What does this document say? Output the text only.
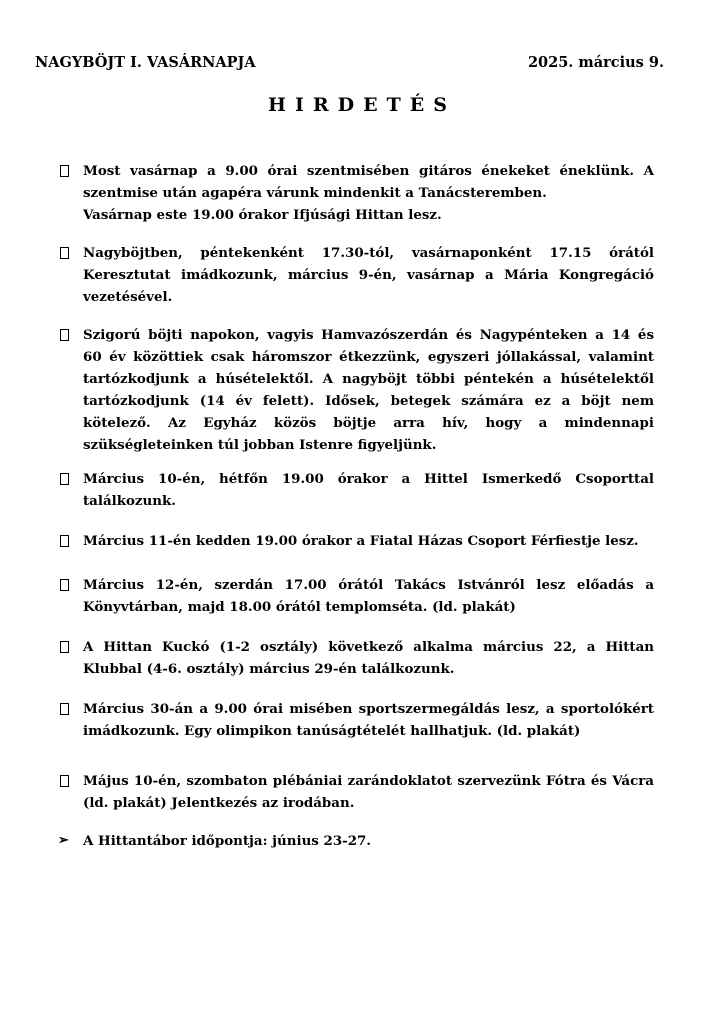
NAGYBÖJT I. VASÁRNAPJA	2025. március 9.
HIRDETÉS
Most vasárnap a 9.00 órai szentmisében gitáros énekeket éneklünk. A
szentmise után agapéra várunk mindenkit a Tanácsteremben.
Vasárnap este 19.00 órakor Ifjúsági Hittan lesz.
Nagyböjtben, péntekenként 17.30-tól, vasárnaponként 17.15 órától
Keresztutat imádkozunk, március 9-én, vasárnap a Mária Kongregáció
vezetésével.
Szigorú böjti napokon, vagyis Hamvazószerdán és Nagypénteken a 14 és
60 év közöttiek csak háromszor étkezzünk, egyszeri jóllakással, valamint
tartózkodjunk a húsételektől. A nagyböjt többi péntekén a húsételektől
tartózkodjunk (14 év felett). Idősek, betegek számára ez a böjt nem
kötelező. Az Egyház közös böjtje arra hív, hogy a mindennapi
szükségleteinken túl jobban Istenre figyeljünk.
Március 10-én, hétfőn 19.00 órakor a Hittel Ismerkedő Csoporttal
találkozunk.
Március 11-én kedden 19.00 órakor a Fiatal Házas Csoport Férfiestje lesz.
Március 12-én, szerdán 17.00 órától Takács Istvánról lesz előadás a
Könyvtárban, majd 18.00 órától templomséta. (ld. plakát)
A Hittan Kuckó (1-2 osztály) következő alkalma március 22, a Hittan
Klubbal (4-6. osztály) március 29-én találkozunk.
Március 30-án a 9.00 órai misében sportszermegáldás lesz, a sportolókért
imádkozunk. Egy olimpikon tanúságtételét hallhatjuk. (ld. plakát)
Május 10-én, szombaton plébániai zarándoklatot szervezünk Fótra és Vácra
(ld. plakát) Jelentkezés az irodában.
➢ A Hittantábor időpontja: június 23-27.
